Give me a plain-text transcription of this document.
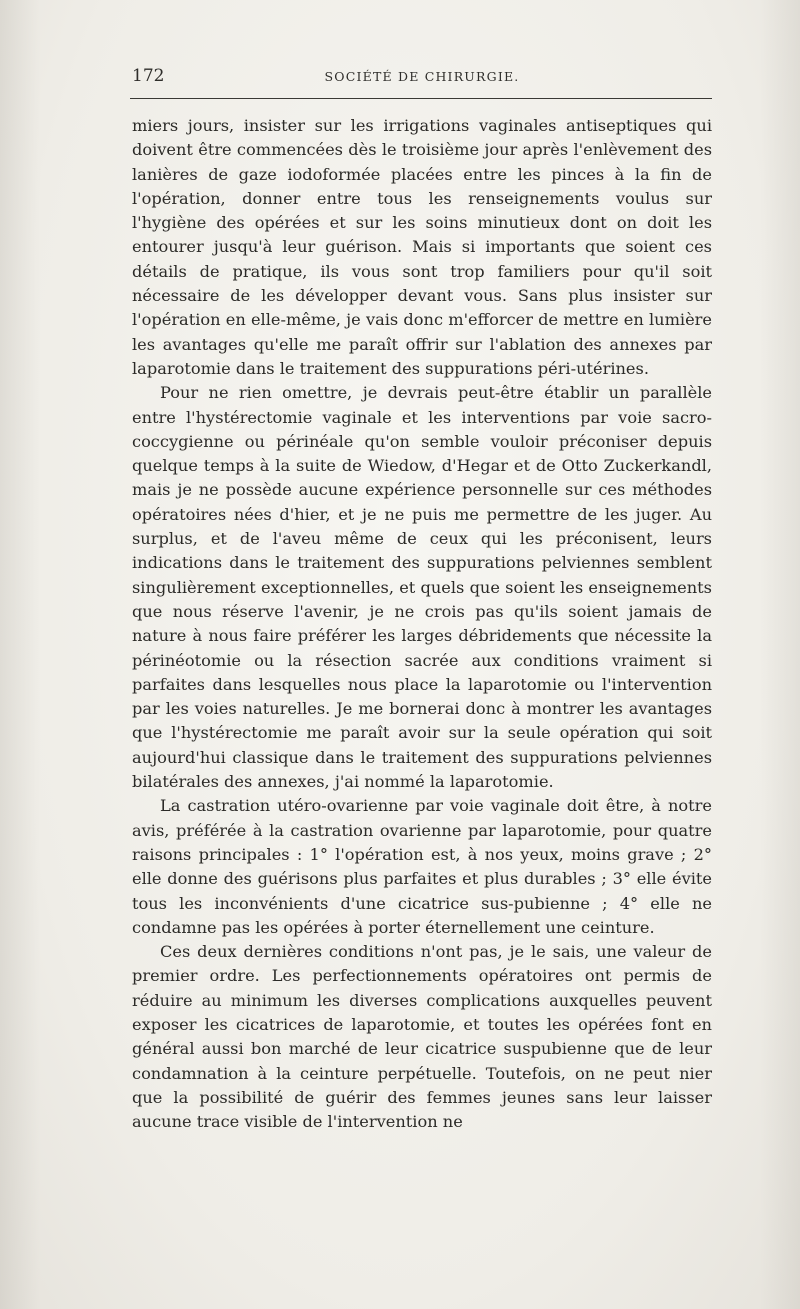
172	SOCIÉTÉ DE CHIRURGIE.

miers jours, insister sur les irrigations vaginales antiseptiques qui doivent être commencées dès le troisième jour après l'enlèvement des lanières de gaze iodoformée placées entre les pinces à la fin de l'opération, donner entre tous les renseignements voulus sur l'hygiène des opérées et sur les soins minutieux dont on doit les entourer jusqu'à leur guérison. Mais si importants que soient ces détails de pratique, ils vous sont trop familiers pour qu'il soit nécessaire de les développer devant vous. Sans plus insister sur l'opération en elle-même, je vais donc m'efforcer de mettre en lumière les avantages qu'elle me paraît offrir sur l'ablation des annexes par laparotomie dans le traitement des suppurations péri-utérines.

Pour ne rien omettre, je devrais peut-être établir un parallèle entre l'hystérectomie vaginale et les interventions par voie sacro-coccygienne ou périnéale qu'on semble vouloir préconiser depuis quelque temps à la suite de Wiedow, d'Hegar et de Otto Zuckerkandl, mais je ne possède aucune expérience personnelle sur ces méthodes opératoires nées d'hier, et je ne puis me permettre de les juger. Au surplus, et de l'aveu même de ceux qui les préconisent, leurs indications dans le traitement des suppurations pelviennes semblent singulièrement exceptionnelles, et quels que soient les enseignements que nous réserve l'avenir, je ne crois pas qu'ils soient jamais de nature à nous faire préférer les larges débridements que nécessite la périnéotomie ou la résection sacrée aux conditions vraiment si parfaites dans lesquelles nous place la laparotomie ou l'intervention par les voies naturelles. Je me bornerai donc à montrer les avantages que l'hystérectomie me paraît avoir sur la seule opération qui soit aujourd'hui classique dans le traitement des suppurations pelviennes bilatérales des annexes, j'ai nommé la laparotomie.

La castration utéro-ovarienne par voie vaginale doit être, à notre avis, préférée à la castration ovarienne par laparotomie, pour quatre raisons principales : 1° l'opération est, à nos yeux, moins grave ; 2° elle donne des guérisons plus parfaites et plus durables ; 3° elle évite tous les inconvénients d'une cicatrice sus-pubienne ; 4° elle ne condamne pas les opérées à porter éternellement une ceinture.

Ces deux dernières conditions n'ont pas, je le sais, une valeur de premier ordre. Les perfectionnements opératoires ont permis de réduire au minimum les diverses complications auxquelles peuvent exposer les cicatrices de laparotomie, et toutes les opérées font en général aussi bon marché de leur cicatrice suspubienne que de leur condamnation à la ceinture perpétuelle. Toutefois, on ne peut nier que la possibilité de guérir des femmes jeunes sans leur laisser aucune trace visible de l'intervention ne
